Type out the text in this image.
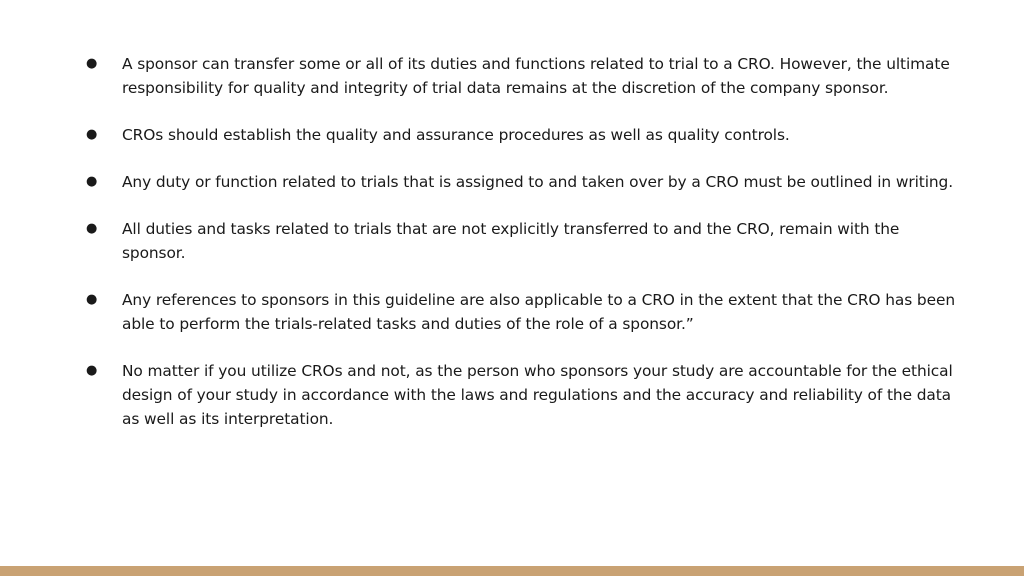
●	A sponsor can transfer some or all of its duties and functions related to trial to a CRO. However, the ultimate responsibility for quality and integrity of trial data remains at the discretion of the company sponsor.
●	CROs should establish the quality and assurance procedures as well as quality controls.
●	Any duty or function related to trials that is assigned to and taken over by a CRO must be outlined in writing.
●	All duties and tasks related to trials that are not explicitly transferred to and the CRO, remain with the sponsor.
●	Any references to sponsors in this guideline are also applicable to a CRO in the extent that the CRO has been able to perform the trials-related tasks and duties of the role of a sponsor.”
●	No matter if you utilize CROs and not, as the person who sponsors your study are accountable for the ethical design of your study in accordance with the laws and regulations and the accuracy and reliability of the data as well as its interpretation.
